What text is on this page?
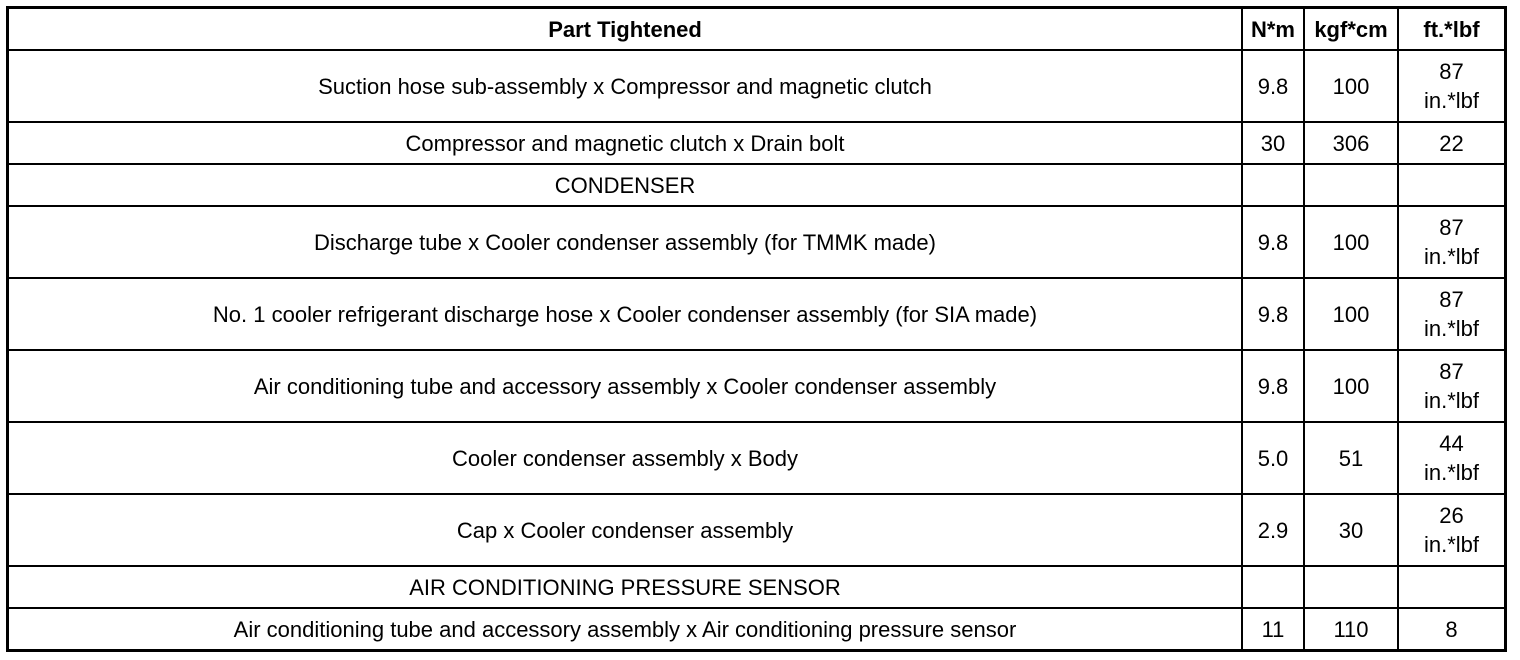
Part Tightened	N*m	kgf*cm	ft.*lbf
Suction hose sub-assembly x Compressor and magnetic clutch	9.8	100	87
in.*lbf

Compressor and magnetic clutch x Drain bolt	30	306	22

CONDENSER			
Discharge tube x Cooler condenser assembly (for TMMK made)	9.8	100	87
in.*lbf

No. 1 cooler refrigerant discharge hose x Cooler condenser assembly (for SIA made)	9.8	100	87
in.*lbf

Air conditioning tube and accessory assembly x Cooler condenser assembly	9.8	100	87
in.*lbf

Cooler condenser assembly x Body	5.0	51	44
in.*lbf

Cap x Cooler condenser assembly	2.9	30	26
in.*lbf

AIR CONDITIONING PRESSURE SENSOR			
Air conditioning tube and accessory assembly x Air conditioning pressure sensor	11	110	8
